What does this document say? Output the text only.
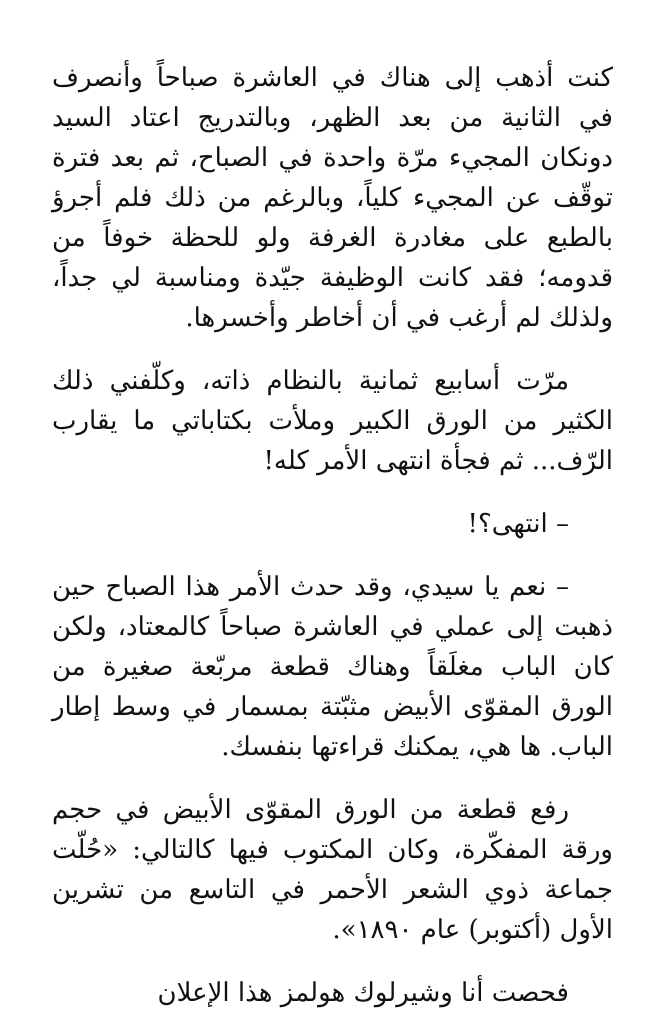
كنت أذهب إلى هناك في العاشرة صباحاً وأنصرف في الثانية من بعد الظهر، وبالتدريج اعتاد السيد دونكان المجيء مرّة واحدة في الصباح، ثم بعد فترة توقّف عن المجيء كلياً، وبالرغم من ذلك فلم أجرؤ بالطبع على مغادرة الغرفة ولو للحظة خوفاً من قدومه؛ فقد كانت الوظيفة جيّدة ومناسبة لي جداً، ولذلك لم أرغب في أن أخاطر وأخسرها.

مرّت أسابيع ثمانية بالنظام ذاته، وكلّفني ذلك الكثير من الورق الكبير وملأت بكتاباتي ما يقارب الرّف... ثم فجأة انتهى الأمر كله!

– انتهى؟!

– نعم يا سيدي، وقد حدث الأمر هذا الصباح حين ذهبت إلى عملي في العاشرة صباحاً كالمعتاد، ولكن كان الباب مغلَقاً وهناك قطعة مربّعة صغيرة من الورق المقوّى الأبيض مثبّتة بمسمار في وسط إطار الباب. ها هي، يمكنك قراءتها بنفسك.

رفع قطعة من الورق المقوّى الأبيض في حجم ورقة المفكّرة، وكان المكتوب فيها كالتالي: «حُلّت جماعة ذوي الشعر الأحمر في التاسع من تشرين الأول (أكتوبر) عام ١٨٩٠».

فحصت أنا وشيرلوك هولمز هذا الإعلان
